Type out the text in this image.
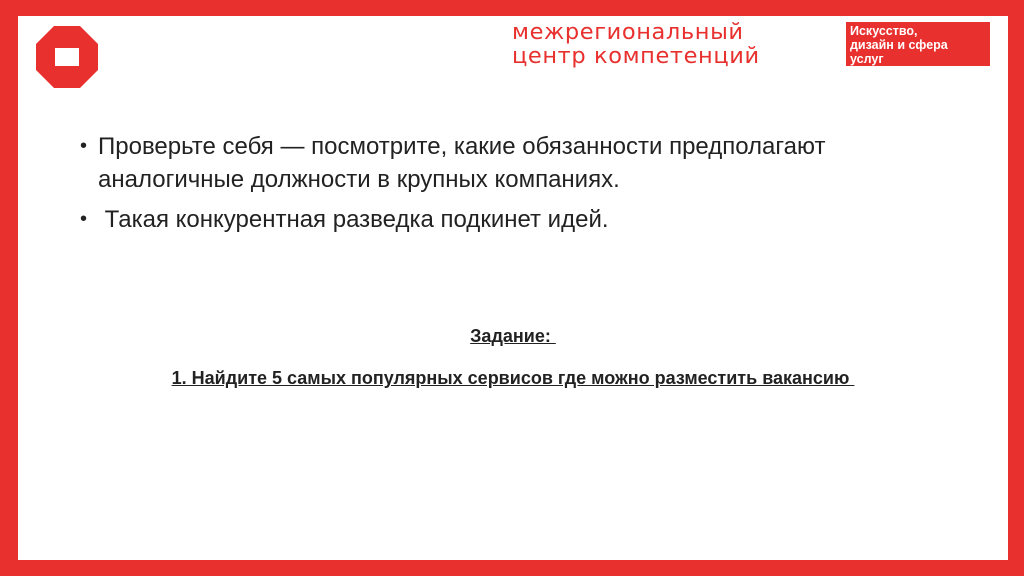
межрегиональный
центр компетенций
Искусство,
дизайн и сфера
услуг
• Проверьте себя — посмотрите, какие обязанности предполагают аналогичные должности в крупных компаниях.
• Такая конкурентная разведка подкинет идей.
Задание:
1. Найдите 5 самых популярных сервисов где можно разместить вакансию
